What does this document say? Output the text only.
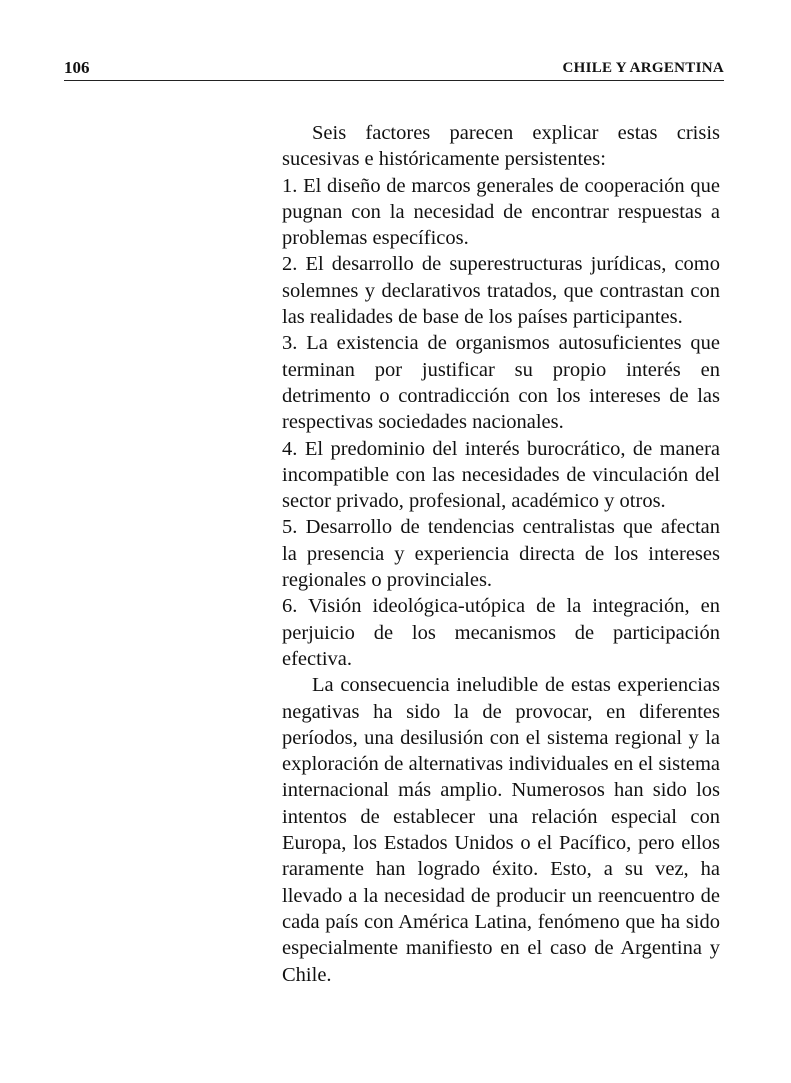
106	CHILE Y ARGENTINA

Seis factores parecen explicar estas crisis sucesivas e históricamente persistentes:

1. El diseño de marcos generales de cooperación que pugnan con la necesidad de encontrar respuestas a problemas específicos.

2. El desarrollo de superestructuras jurídicas, como solemnes y declarativos tratados, que contrastan con las realidades de base de los países participantes.

3. La existencia de organismos autosuficientes que terminan por justificar su propio interés en detrimento o contradicción con los intereses de las respectivas sociedades nacionales.

4. El predominio del interés burocrático, de manera incompatible con las necesidades de vinculación del sector privado, profesional, académico y otros.

5. Desarrollo de tendencias centralistas que afectan la presencia y experiencia directa de los intereses regionales o provinciales.

6. Visión ideológica-utópica de la integración, en perjuicio de los mecanismos de participación efectiva.

La consecuencia ineludible de estas experiencias negativas ha sido la de provocar, en diferentes períodos, una desilusión con el sistema regional y la exploración de alternativas individuales en el sistema internacional más amplio. Numerosos han sido los intentos de establecer una relación especial con Europa, los Estados Unidos o el Pacífico, pero ellos raramente han logrado éxito. Esto, a su vez, ha llevado a la necesidad de producir un reencuentro de cada país con América Latina, fenómeno que ha sido especialmente manifiesto en el caso de Argentina y Chile.
